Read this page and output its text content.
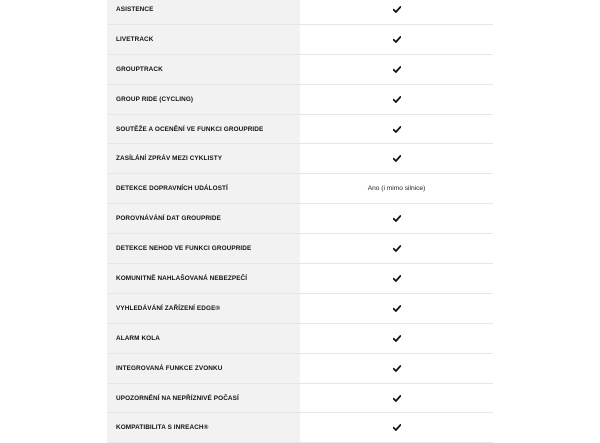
ASISTENCE
LIVETRACK
GROUPTRACK
GROUP RIDE (CYCLING)
SOUTĚŽE A OCENĚNÍ VE FUNKCI GROUPRIDE
ZASÍLÁNÍ ZPRÁV MEZI CYKLISTY
DETEKCE DOPRAVNÍCH UDÁLOSTÍ	Ano (i mimo silnice)
POROVNÁVÁNÍ DAT GROUPRIDE
DETEKCE NEHOD VE FUNKCI GROUPRIDE
KOMUNITNĚ NAHLAŠOVANÁ NEBEZPEČÍ
VYHLEDÁVÁNÍ ZAŘÍZENÍ EDGE®
ALARM KOLA
INTEGROVANÁ FUNKCE ZVONKU
UPOZORNĚNÍ NA NEPŘÍZNIVÉ POČASÍ
KOMPATIBILITA S INREACH®
